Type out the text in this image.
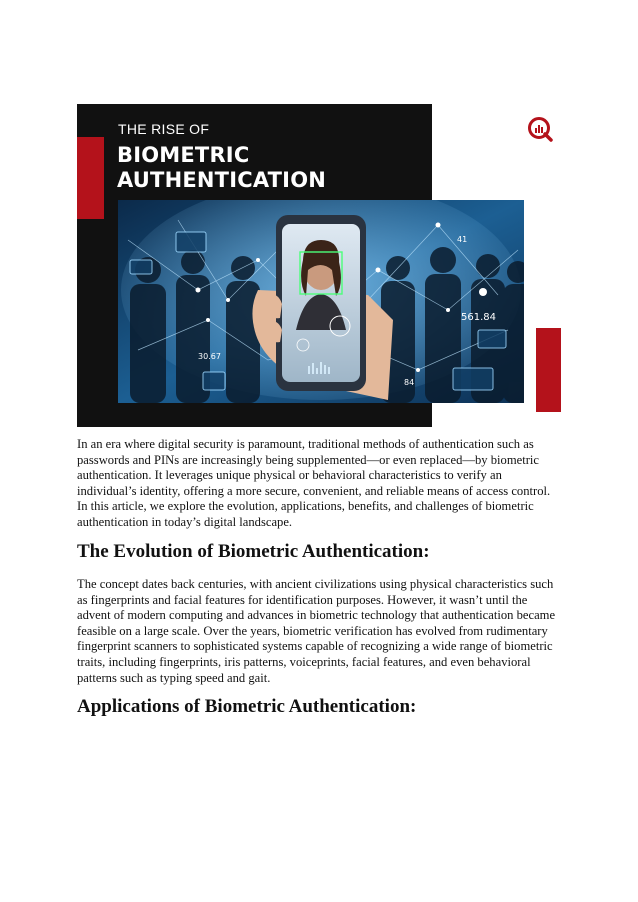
THE RISE OF
BIOMETRIC
AUTHENTICATION
561.84
30.67
84
41

In an era where digital security is paramount, traditional methods of authentication such as passwords and PINs are increasingly being supplemented—or even replaced—by biometric authentication. It leverages unique physical or behavioral characteristics to verify an individual’s identity, offering a more secure, convenient, and reliable means of access control. In this article, we explore the evolution, applications, benefits, and challenges of biometric authentication in today’s digital landscape.

The Evolution of Biometric Authentication:

The concept dates back centuries, with ancient civilizations using physical characteristics such as fingerprints and facial features for identification purposes. However, it wasn’t until the advent of modern computing and advances in biometric technology that authentication became feasible on a large scale. Over the years, biometric verification has evolved from rudimentary fingerprint scanners to sophisticated systems capable of recognizing a wide range of biometric traits, including fingerprints, iris patterns, voiceprints, facial features, and even behavioral patterns such as typing speed and gait.

Applications of Biometric Authentication:
